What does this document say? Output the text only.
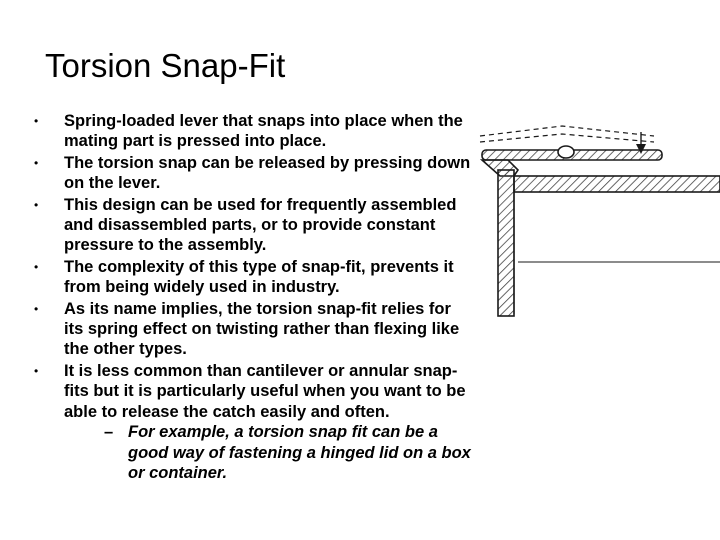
Torsion Snap-Fit
• Spring-loaded lever that snaps into place when the mating part is pressed into place.
• The torsion snap can be released by pressing down on the lever.
• This design can be used for frequently assembled and disassembled parts, or to provide constant pressure to the assembly.
• The complexity of this type of snap-fit, prevents it from being widely used in industry.
• As its name implies, the torsion snap-fit relies for its spring effect on twisting rather than flexing like the other types.
• It is less common than cantilever or annular snap-fits but it is particularly useful when you want to be able to release the catch easily and often.
– For example, a torsion snap fit can be a good way of fastening a hinged lid on a box or container.
